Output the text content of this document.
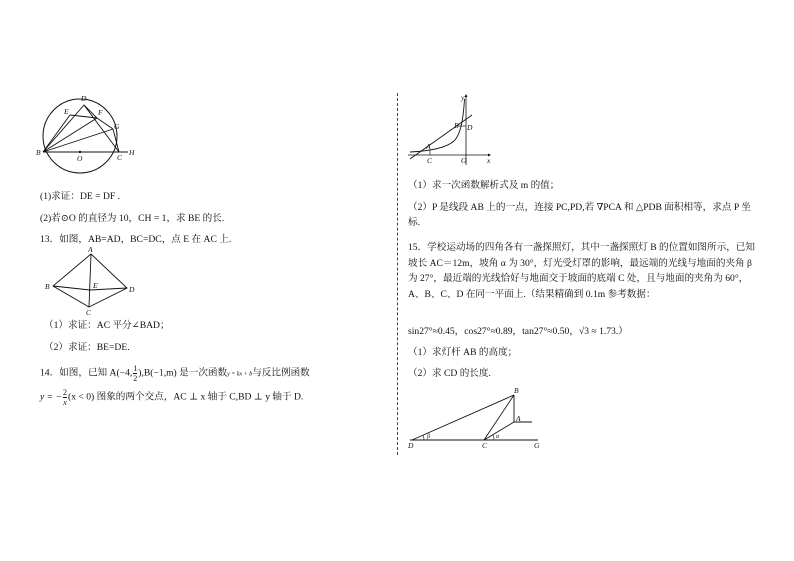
D
E	F
G
B
O	C
H
(1)求证：DE = DF .
(2)若⊙O 的直径为 10，CH = 1，求 BE 的长.
13．如图，AB=AD，BC=DC，点 E 在 AC 上.
A
B	E	D
C
（1）求证：AC 平分∠BAD；
（2）求证：BE=DE.
14．如图，已知 A(−4, $\frac{1}{2} ),B(-1,m)$ 是一次函数y = kx + b与反比例函数
y = − $\frac{2}{x} (x < 0)$ 图象的两个交点，AC ⊥ x 轴于 C,BD ⊥ y 轴于 D.
y
B D
A
C	O	x
（1）求一次函数解析式及 m 的值；
（2）P 是线段 AB 上的一点，连接 PC,PD,若 ∇PCA 和 △PDB 面积相等，求点 P 坐标.
15．学校运动场的四角各有一盏探照灯，其中一盏探照灯 B 的位置如图所示，已知坡长 AC＝12m，坡角 α 为 30°，灯光受灯罩的影响，最远端的光线与地面的夹角 β 为 27°，最近端的光线恰好与地面交于坡面的底端 C 处，且与地面的夹角为 60°，A、B、C、D 在同一平面上.（结果精确到 0.1m 参考数据：
sin27°≈0.45，cos27°≈0.89，tan27°≈0.50，√3 ≈ 1.73.）
（1）求灯杆 AB 的高度；
（2）求 CD 的长度.
B
A
β	α
D	C	G
